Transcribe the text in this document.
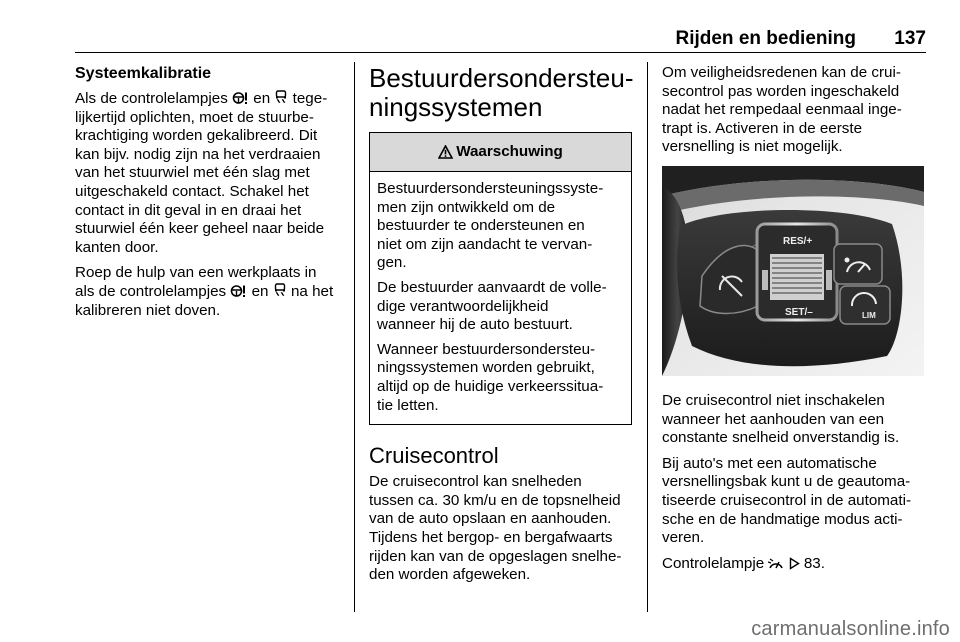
Rijden en bediening	137
Systeemkalibratie

Als de controlelampjes en tege-
lijkertijd oplichten, moet de stuurbe-
krachtiging worden gekalibreerd. Dit
kan bijv. nodig zijn na het verdraaien
van het stuurwiel met één slag met
uitgeschakeld contact. Schakel het
contact in dit geval in en draai het
stuurwiel één keer geheel naar beide
kanten door.

Roep de hulp van een werkplaats in
als de controlelampjes en na het
kalibreren niet doven.

Bestuurdersondersteu-
ningssystemen
Waarschuwing

Bestuurdersondersteuningssyste-
men zijn ontwikkeld om de
bestuurder te ondersteunen en
niet om zijn aandacht te vervan-
gen.

De bestuurder aanvaardt de volle-
dige verantwoordelijkheid
wanneer hij de auto bestuurt.

Wanneer bestuurdersondersteu-
ningssystemen worden gebruikt,
altijd op de huidige verkeerssitua-
tie letten.

Cruisecontrol

De cruisecontrol kan snelheden
tussen ca. 30 km/u en de topsnelheid
van de auto opslaan en aanhouden.
Tijdens het bergop- en bergafwaarts
rijden kan van de opgeslagen snelhe-
den worden afgeweken.

Om veiligheidsredenen kan de crui-
secontrol pas worden ingeschakeld
nadat het rempedaal eenmaal inge-
trapt is. Activeren in de eerste
versnelling is niet mogelijk.

RES/+
SET/–	LIM

De cruisecontrol niet inschakelen
wanneer het aanhouden van een
constante snelheid onverstandig is.

Bij auto's met een automatische
versnellingsbak kunt u de geautoma-
tiseerde cruisecontrol in de automati-
sche en de handmatige modus acti-
veren.

Controlelampje	83.

carmanualsonline.info
